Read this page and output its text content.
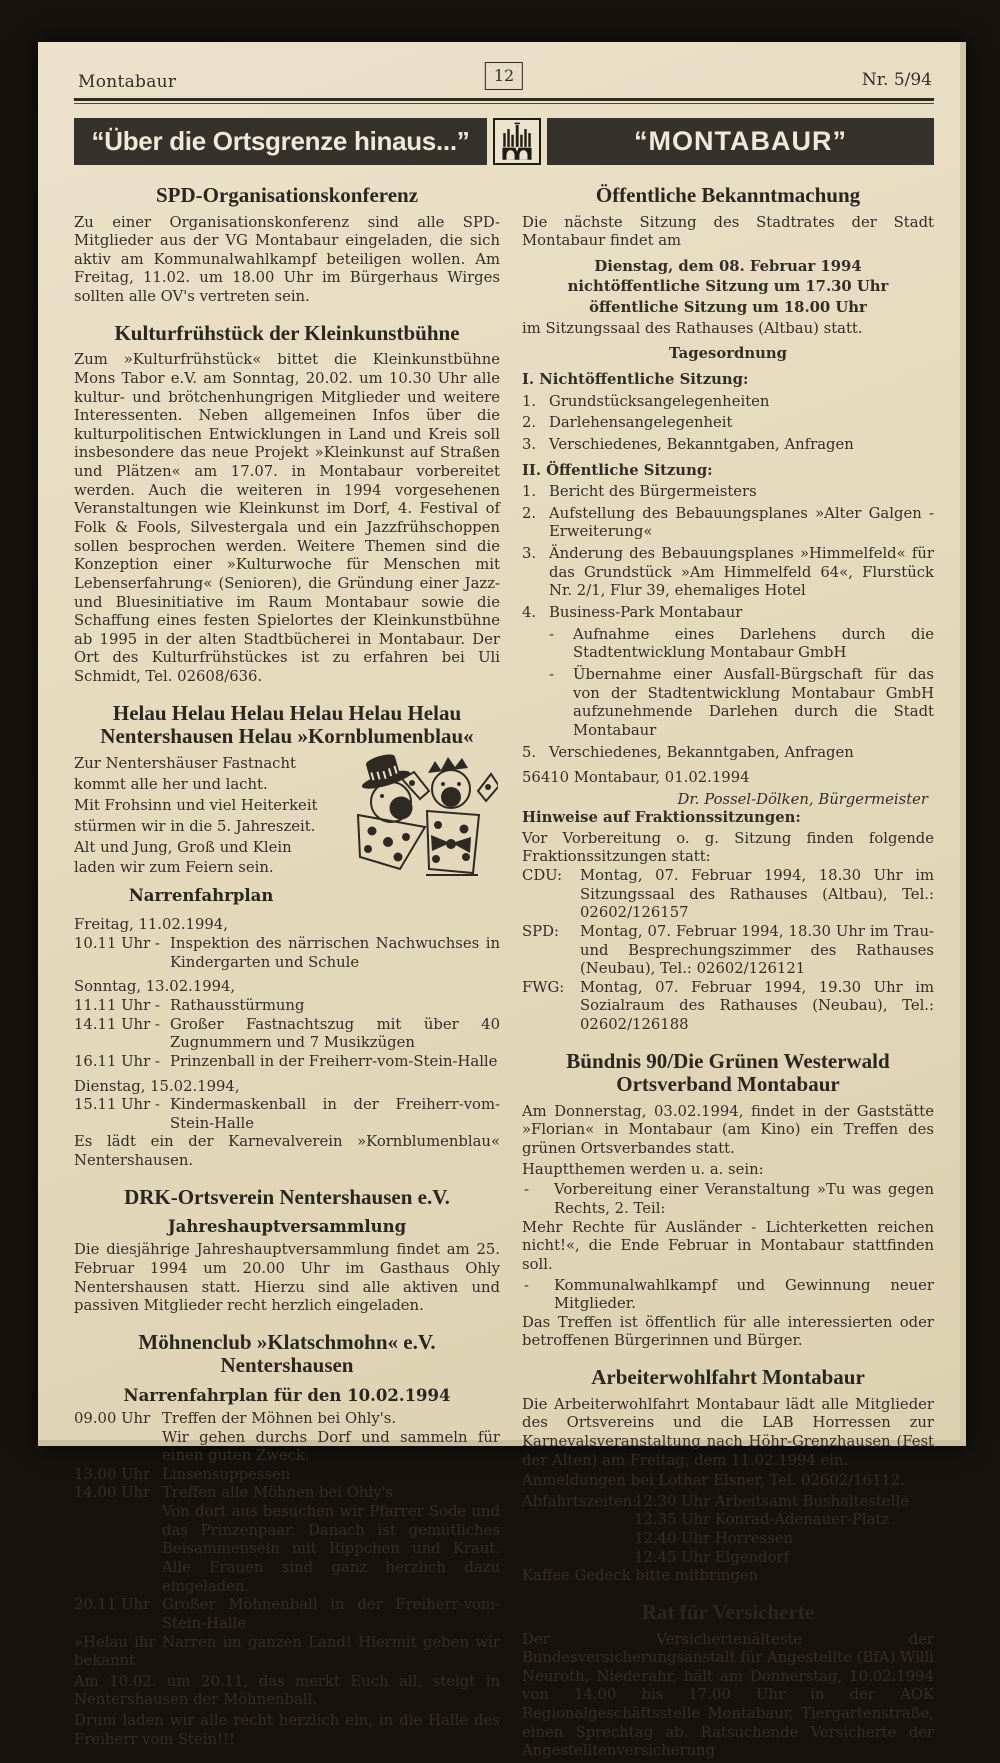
Montabaur	12	Nr. 5/94
“Über die Ortsgrenze hinaus...”	“MONTABAUR”
SPD-Organisationskonferenz

Zu einer Organisationskonferenz sind alle SPD-Mitglieder aus der VG Montabaur eingeladen, die sich aktiv am Kommunalwahlkampf beteiligen wollen. Am Freitag, 11.02. um 18.00 Uhr im Bürgerhaus Wirges sollten alle OV's vertreten sein.

Kulturfrühstück der Kleinkunstbühne

Zum »Kulturfrühstück« bittet die Kleinkunstbühne Mons Tabor e.V. am Sonntag, 20.02. um 10.30 Uhr alle kultur- und brötchenhungrigen Mitglieder und weitere Interessenten. Neben allgemeinen Infos über die kulturpolitischen Entwicklungen in Land und Kreis soll insbesondere das neue Projekt »Kleinkunst auf Straßen und Plätzen« am 17.07. in Montabaur vorbereitet werden. Auch die weiteren in 1994 vorgesehenen Veranstaltungen wie Kleinkunst im Dorf, 4. Festival of Folk & Fools, Silvestergala und ein Jazzfrühschoppen sollen besprochen werden. Weitere Themen sind die Konzeption einer »Kulturwoche für Menschen mit Lebenserfahrung« (Senioren), die Gründung einer Jazz- und Bluesinitiative im Raum Montabaur sowie die Schaffung eines festen Spielortes der Kleinkunstbühne ab 1995 in der alten Stadtbücherei in Montabaur. Der Ort des Kulturfrühstückes ist zu erfahren bei Uli Schmidt, Tel. 02608/636.

Helau Helau Helau Helau Helau Helau
Nentershausen Helau »Kornblumenblau«
Zur Nentershäuser Fastnacht
kommt alle her und lacht.
Mit Frohsinn und viel Heiterkeit
stürmen wir in die 5. Jahreszeit.
Alt und Jung, Groß und Klein
laden wir zum Feiern sein.
Narrenfahrplan
Freitag, 11.02.1994,
10.11 Uhr - Inspektion des närrischen Nachwuchses in Kindergarten und Schule
Sonntag, 13.02.1994,
11.11 Uhr - Rathausstürmung
14.11 Uhr - Großer Fastnachtszug mit über 40 Zugnummern und 7 Musikzügen
16.11 Uhr - Prinzenball in der Freiherr-vom-Stein-Halle
Dienstag, 15.02.1994,
15.11 Uhr - Kindermaskenball in der Freiherr-vom-Stein-Halle

Es lädt ein der Karnevalverein »Kornblumenblau« Nentershausen.

DRK-Ortsverein Nentershausen e.V.
Jahreshauptversammlung

Die diesjährige Jahreshauptversammlung findet am 25. Februar 1994 um 20.00 Uhr im Gasthaus Ohly Nentershausen statt. Hierzu sind alle aktiven und passiven Mitglieder recht herzlich eingeladen.

Möhnenclub »Klatschmohn« e.V.
Nentershausen
Narrenfahrplan für den 10.02.1994
09.00 Uhr Treffen der Möhnen bei Ohly's.
Wir gehen durchs Dorf und sammeln für einen guten Zweck.
13.00 Uhr Linsensuppessen
14.00 Uhr Treffen alle Möhnen bei Ohly's
Von dort aus besuchen wir Pfarrer Sode und das Prinzenpaar. Danach ist gemütliches Beisammensein mit Rippchen und Kraut. Alle Frauen sind ganz herzlich dazu eingeladen.
20.11 Uhr Großer Möhnenball in der Freiherr-vom-Stein-Halle
»Helau ihr Narren im ganzen Land! Hiermit geben wir bekannt
Am 10.02. um 20.11, das merkt Euch all, steigt in Nentershausen der Möhnenball.
Drum laden wir alle recht herzlich ein, in die Halle des Freiherr vom Stein!!!
Öffentliche Bekanntmachung

Die nächste Sitzung des Stadtrates der Stadt Montabaur findet am

Dienstag, dem 08. Februar 1994
nichtöffentliche Sitzung um 17.30 Uhr
öffentliche Sitzung um 18.00 Uhr
im Sitzungssaal des Rathauses (Altbau) statt.
Tagesordnung
I. Nichtöffentliche Sitzung:
1. Grundstücksangelegenheiten
2. Darlehensangelegenheit
3. Verschiedenes, Bekanntgaben, Anfragen
II. Öffentliche Sitzung:
1. Bericht des Bürgermeisters
2. Aufstellung des Bebauungsplanes »Alter Galgen - Erweiterung«
3. Änderung des Bebauungsplanes »Himmelfeld« für das Grundstück »Am Himmelfeld 64«, Flurstück Nr. 2/1, Flur 39, ehemaliges Hotel
4. Business-Park Montabaur
-	Aufnahme eines Darlehens durch die Stadtentwicklung Montabaur GmbH
-	Übernahme einer Ausfall-Bürgschaft für das von der Stadtentwicklung Montabaur GmbH aufzunehmende Darlehen durch die Stadt Montabaur
5. Verschiedenes, Bekanntgaben, Anfragen
56410 Montabaur, 01.02.1994
Dr. Possel-Dölken, Bürgermeister
Hinweise auf Fraktionssitzungen:

Vor Vorbereitung o. g. Sitzung finden folgende Fraktionssitzungen statt:

CDU:	Montag, 07. Februar 1994, 18.30 Uhr im Sitzungssaal des Rathauses (Altbau), Tel.: 02602/126157
SPD:	Montag, 07. Februar 1994, 18.30 Uhr im Trau- und Besprechungszimmer des Rathauses (Neubau), Tel.: 02602/126121
FWG:	Montag, 07. Februar 1994, 19.30 Uhr im Sozialraum des Rathauses (Neubau), Tel.: 02602/126188
Bündnis 90/Die Grünen Westerwald
Ortsverband Montabaur

Am Donnerstag, 03.02.1994, findet in der Gaststätte »Florian« in Montabaur (am Kino) ein Treffen des grünen Ortsverbandes statt.

Hauptthemen werden u. a. sein:
-	Vorbereitung einer Veranstaltung »Tu was gegen Rechts, 2. Teil:

Mehr Rechte für Ausländer - Lichterketten reichen nicht!«, die Ende Februar in Montabaur stattfinden soll.

-	Kommunalwahlkampf und Gewinnung neuer Mitglieder.

Das Treffen ist öffentlich für alle interessierten oder betroffenen Bürgerinnen und Bürger.

Arbeiterwohlfahrt Montabaur

Die Arbeiterwohlfahrt Montabaur lädt alle Mitglieder des Ortsvereins und die LAB Horressen zur Karnevalsveranstaltung nach Höhr-Grenzhausen (Fest der Alten) am Freitag, dem 11.02.1994 ein.

Anmeldungen bei Lothar Elsner, Tel. 02602/16112.
Abfahrtszeiten:
12.30 Uhr Arbeitsamt Bushaltestelle
12.35 Uhr Konrad-Adenauer-Platz
12.40 Uhr Horressen
12.45 Uhr Elgendorf
Kaffee Gedeck bitte mitbringen
Rat für Versicherte

Der Versichertenälteste der Bundesversicherungsanstalt für Angestellte (BfA) Willi Neuroth, Niederahr, hält am Donnerstag, 10.02.1994 von 14.00 bis 17.00 Uhr in der AOK Regionalgeschäftsstelle Montabaur, Tiergartenstraße, einen Sprechtag ab. Ratsuchende Versicherte der Angestelltenversicherung
